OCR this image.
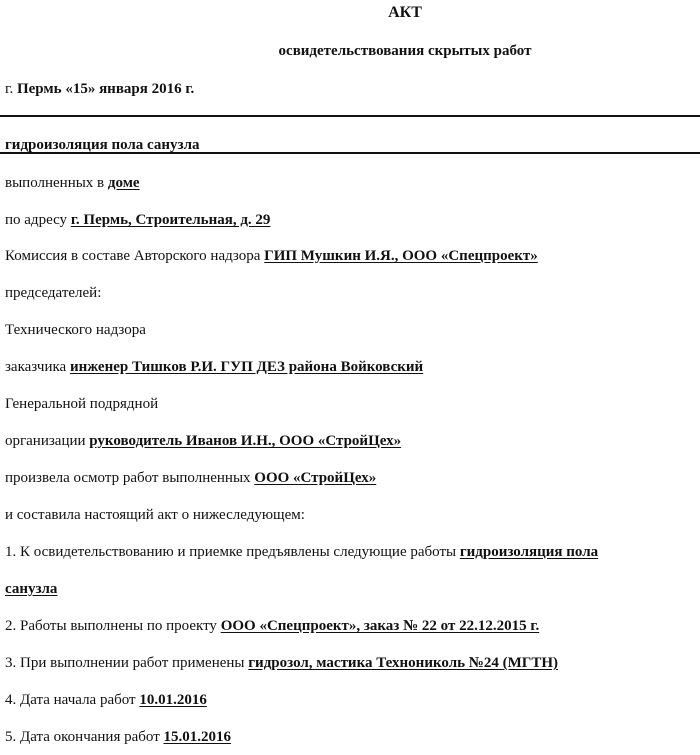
АКТ
освидетельствования скрытых работ
г. Пермь «15» января 2016 г.
гидроизоляция пола санузла
выполненных в доме
по адресу г. Пермь, Строительная, д. 29
Комиссия в составе Авторского надзора ГИП Мушкин И.Я., ООО «Спецпроект»
председателей:
Технического надзора
заказчика инженер Тишков Р.И. ГУП ДЕЗ района Войковский
Генеральной подрядной
организации руководитель Иванов И.Н., ООО «СтройЦех»
произвела осмотр работ выполненных ООО «СтройЦех»
и составила настоящий акт о нижеследующем:
1. К освидетельствованию и приемке предъявлены следующие работы гидроизоляция пола
санузла
2. Работы выполнены по проекту ООО «Спецпроект», заказ № 22 от 22.12.2015 г.
3. При выполнении работ применены гидрозол, мастика Технониколь №24 (МГТН)
4. Дата начала работ 10.01.2016
5. Дата окончания работ 15.01.2016
